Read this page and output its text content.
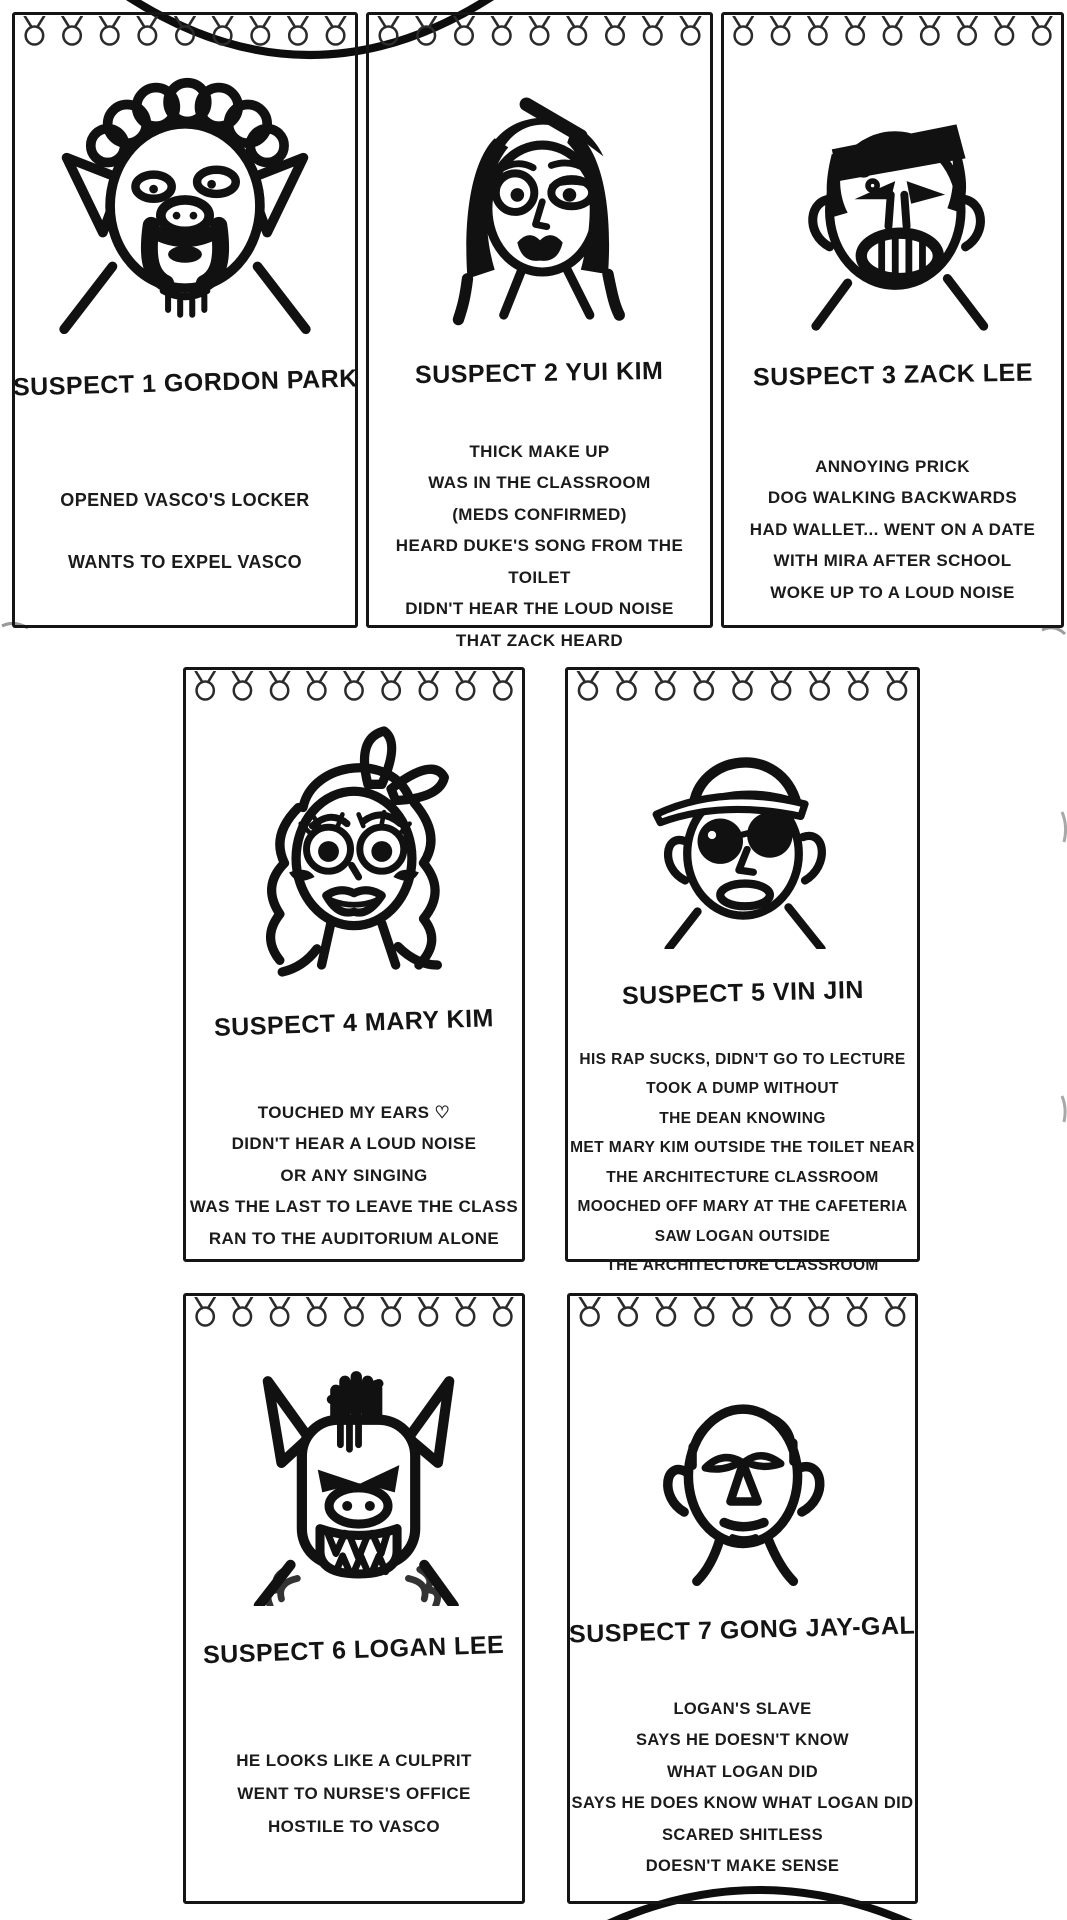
SUSPECT 1 GORDON PARK
OPENED VASCO'S LOCKER
WANTS TO EXPEL VASCO
SUSPECT 2 YUI KIM
THICK MAKE UP
WAS IN THE CLASSROOM
(MEDS CONFIRMED)
HEARD DUKE'S SONG FROM THE TOILET
DIDN'T HEAR THE LOUD NOISE
THAT ZACK HEARD
SUSPECT 3 ZACK LEE
ANNOYING PRICK
DOG WALKING BACKWARDS
HAD WALLET... WENT ON A DATE
WITH MIRA AFTER SCHOOL
WOKE UP TO A LOUD NOISE
SUSPECT 4 MARY KIM
TOUCHED MY EARS ♡
DIDN'T HEAR A LOUD NOISE
OR ANY SINGING
WAS THE LAST TO LEAVE THE CLASS
RAN TO THE AUDITORIUM ALONE
SUSPECT 5 VIN JIN
HIS RAP SUCKS, DIDN'T GO TO LECTURE
TOOK A DUMP WITHOUT
THE DEAN KNOWING
MET MARY KIM OUTSIDE THE TOILET NEAR
THE ARCHITECTURE CLASSROOM
MOOCHED OFF MARY AT THE CAFETERIA
SAW LOGAN OUTSIDE
THE ARCHITECTURE CLASSROOM
SUSPECT 6 LOGAN LEE
HE LOOKS LIKE A CULPRIT
WENT TO NURSE'S OFFICE
HOSTILE TO VASCO
SUSPECT 7 GONG JAY-GAL
LOGAN'S SLAVE
SAYS HE DOESN'T KNOW
WHAT LOGAN DID
SAYS HE DOES KNOW WHAT LOGAN DID
SCARED SHITLESS
DOESN'T MAKE SENSE
